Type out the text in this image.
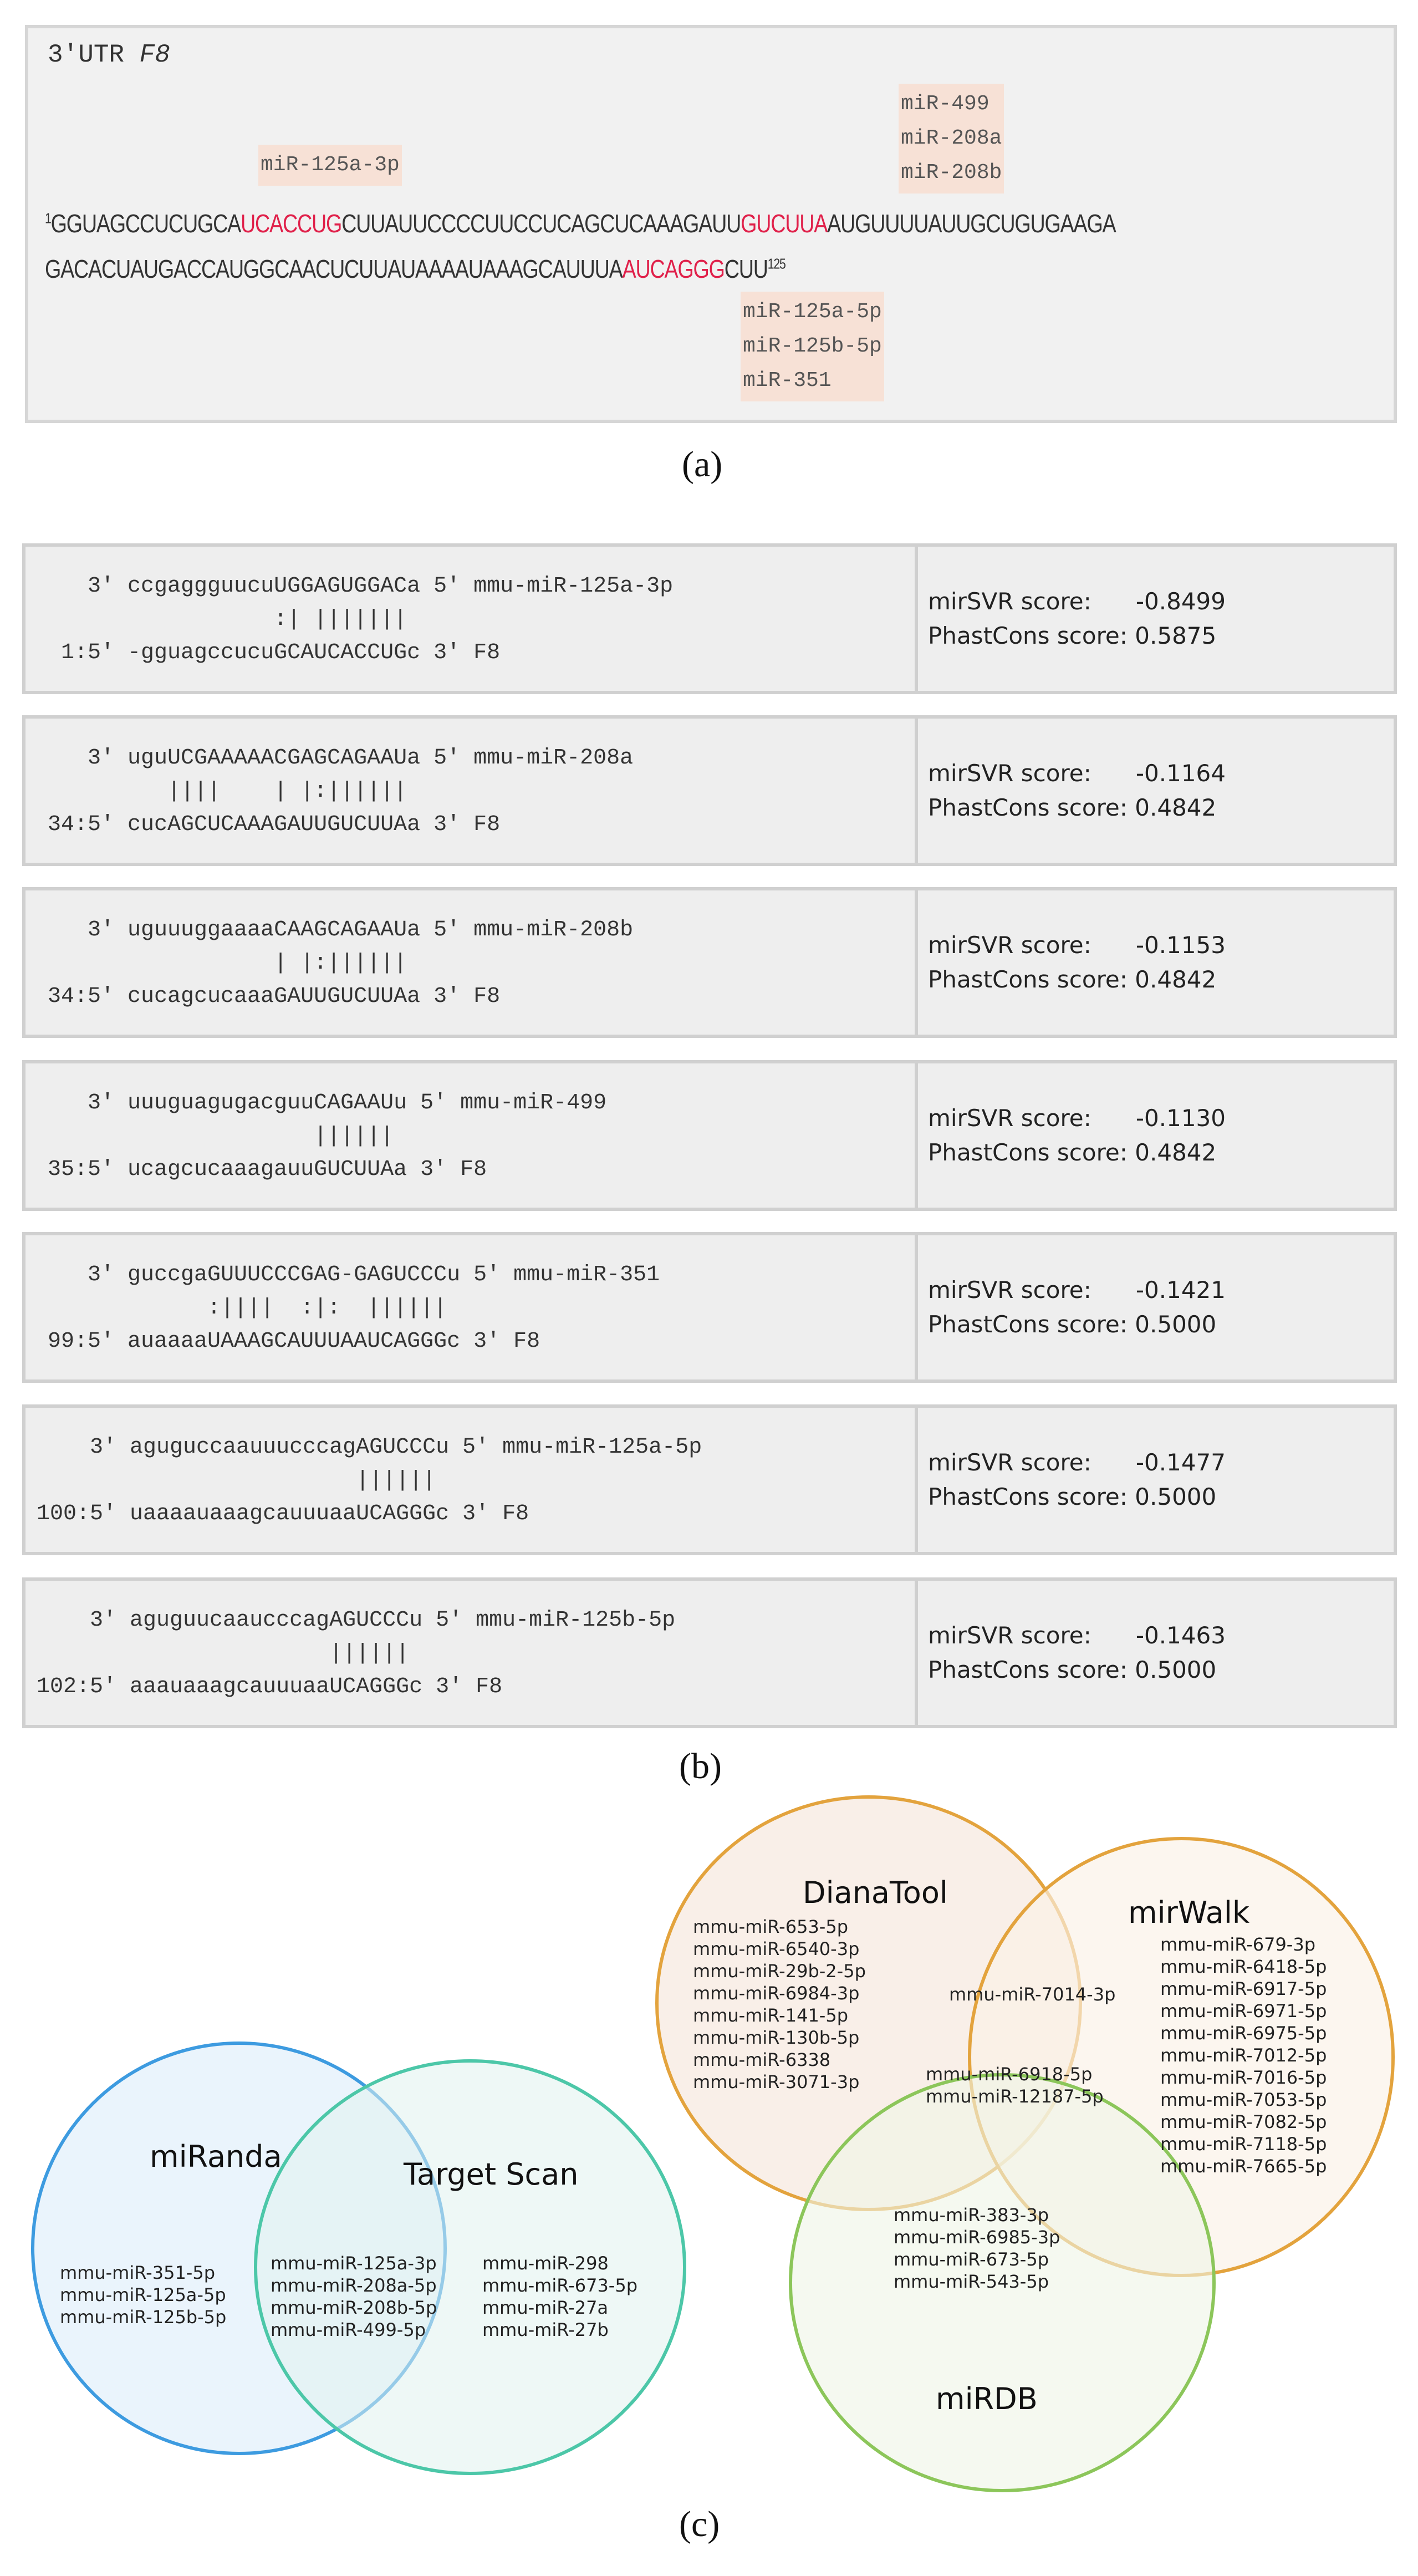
3′UTR F8
miR-125a-3p
miR-499
miR-208a
miR-208b
$^1$GGUAGCCUCUGCAUCACCUGCUUAUUCCCCUUCCUCAGCUCAAAGAUUGUCUUAAUGUUUUAUUGCUGUGAAGA
GACACUAUGACCAUGGCAACUCUUAUAAAAUAAAGCAUUUAAUCAGGGCUU$^{125}$
miR-125a-5p
miR-125b-5p
miR-351
(a)
3' ccgaggguucuUGGAGUGGACa 5' mmu-miR-125a-3p
:| |||||||
1:5' -gguagccucuGCAUCACCUGc 3' F8
mirSVR score: -0.8499
PhastCons score: 0.5875
3' uguUCGAAAAACGAGCAGAAUa 5' mmu-miR-208a
||||    | |:||||||
34:5' cucAGCUCAAAGAUUGUCUUAa 3' F8
mirSVR score: -0.1164
PhastCons score: 0.4842
3' uguuuggaaaaCAAGCAGAAUa 5' mmu-miR-208b
| |:||||||
34:5' cucagcucaaaGAUUGUCUUAa 3' F8
mirSVR score: -0.1153
PhastCons score: 0.4842
3' uuuguagugacguuCAGAAUu 5' mmu-miR-499
||||||
35:5' ucagcucaaagauuGUCUUAa 3' F8
mirSVR score: -0.1130
PhastCons score: 0.4842
3' guccgaGUUUCCCGAG-GAGUCCCu 5' mmu-miR-351
:||||  :|:  ||||||
99:5' auaaaaUAAAGCAUUUAAUCAGGGc 3' F8
mirSVR score: -0.1421
PhastCons score: 0.5000
3' aguguccaauuucccagAGUCCCu 5' mmu-miR-125a-5p
||||||
100:5' uaaaauaaagcauuuaaUCAGGGc 3' F8
mirSVR score: -0.1477
PhastCons score: 0.5000
3' aguguucaaucccagAGUCCCu 5' mmu-miR-125b-5p
||||||
102:5' aaauaaagcauuuaaUCAGGGc 3' F8
mirSVR score: -0.1463
PhastCons score: 0.5000
(b)
miRanda
Target Scan
mmu-miR-351-5p
mmu-miR-125a-5p
mmu-miR-125b-5p
mmu-miR-125a-3p
mmu-miR-208a-5p
mmu-miR-208b-5p
mmu-miR-499-5p
mmu-miR-298
mmu-miR-673-5p
mmu-miR-27a
mmu-miR-27b
DianaTool
mirWalk
miRDB
mmu-miR-653-5p
mmu-miR-6540-3p
mmu-miR-29b-2-5p
mmu-miR-6984-3p
mmu-miR-141-5p
mmu-miR-130b-5p
mmu-miR-6338
mmu-miR-3071-3p
mmu-miR-7014-3p
mmu-miR-6918-5p
mmu-miR-12187-5p
mmu-miR-679-3p
mmu-miR-6418-5p
mmu-miR-6917-5p
mmu-miR-6971-5p
mmu-miR-6975-5p
mmu-miR-7012-5p
mmu-miR-7016-5p
mmu-miR-7053-5p
mmu-miR-7082-5p
mmu-miR-7118-5p
mmu-miR-7665-5p
mmu-miR-383-3p
mmu-miR-6985-3p
mmu-miR-673-5p
mmu-miR-543-5p
(c)
